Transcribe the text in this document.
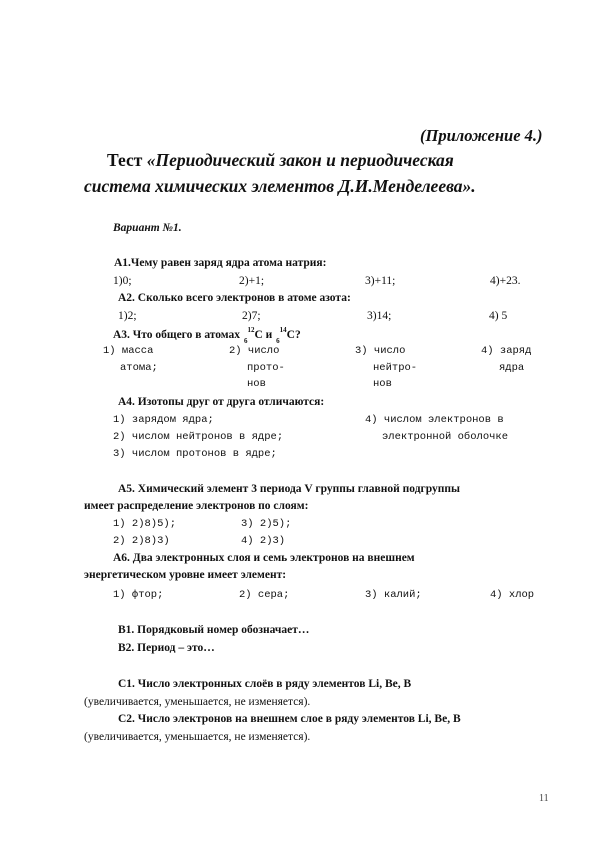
(Приложение 4.)
Тест «Периодический закон и периодическая
система химических элементов Д.И.Менделеева».
Вариант №1.
А1.Чему равен заряд ядра атома натрия:
1)0;	2)+1;	3)+11;	4)+23.
А2. Сколько всего электронов в атоме азота:
1)2;	2)7;	3)14;	4) 5
А3. Что общего в атомах $_6^{12}$С и $_6^{14}$С?
1) масса
атома;
2) число
прото-
нов
3) число
нейтро-
нов
4) заряд
ядра
А4. Изотопы друг от друга отличаются:
1) зарядом ядра;
2) числом нейтронов в ядре;
3) числом протонов в ядре;
4) числом электронов в
электронной оболочке
А5. Химический элемент 3 периода V группы главной подгруппы
имеет распределение электронов по слоям:
1) 2)8)5);	3) 2)5);
2) 2)8)3)	4) 2)3)
А6. Два электронных слоя и семь электронов на внешнем
энергетическом уровне имеет элемент:
1) фтор;	2) сера;	3) калий;	4) хлор
В1. Порядковый номер обозначает…
В2. Период – это…
С1. Число электронных слоёв в ряду элементов Li, Be, B
(увеличивается, уменьшается, не изменяется).
С2. Число электронов на внешнем слое в ряду элементов Li, Be, B
(увеличивается, уменьшается, не изменяется).
11
